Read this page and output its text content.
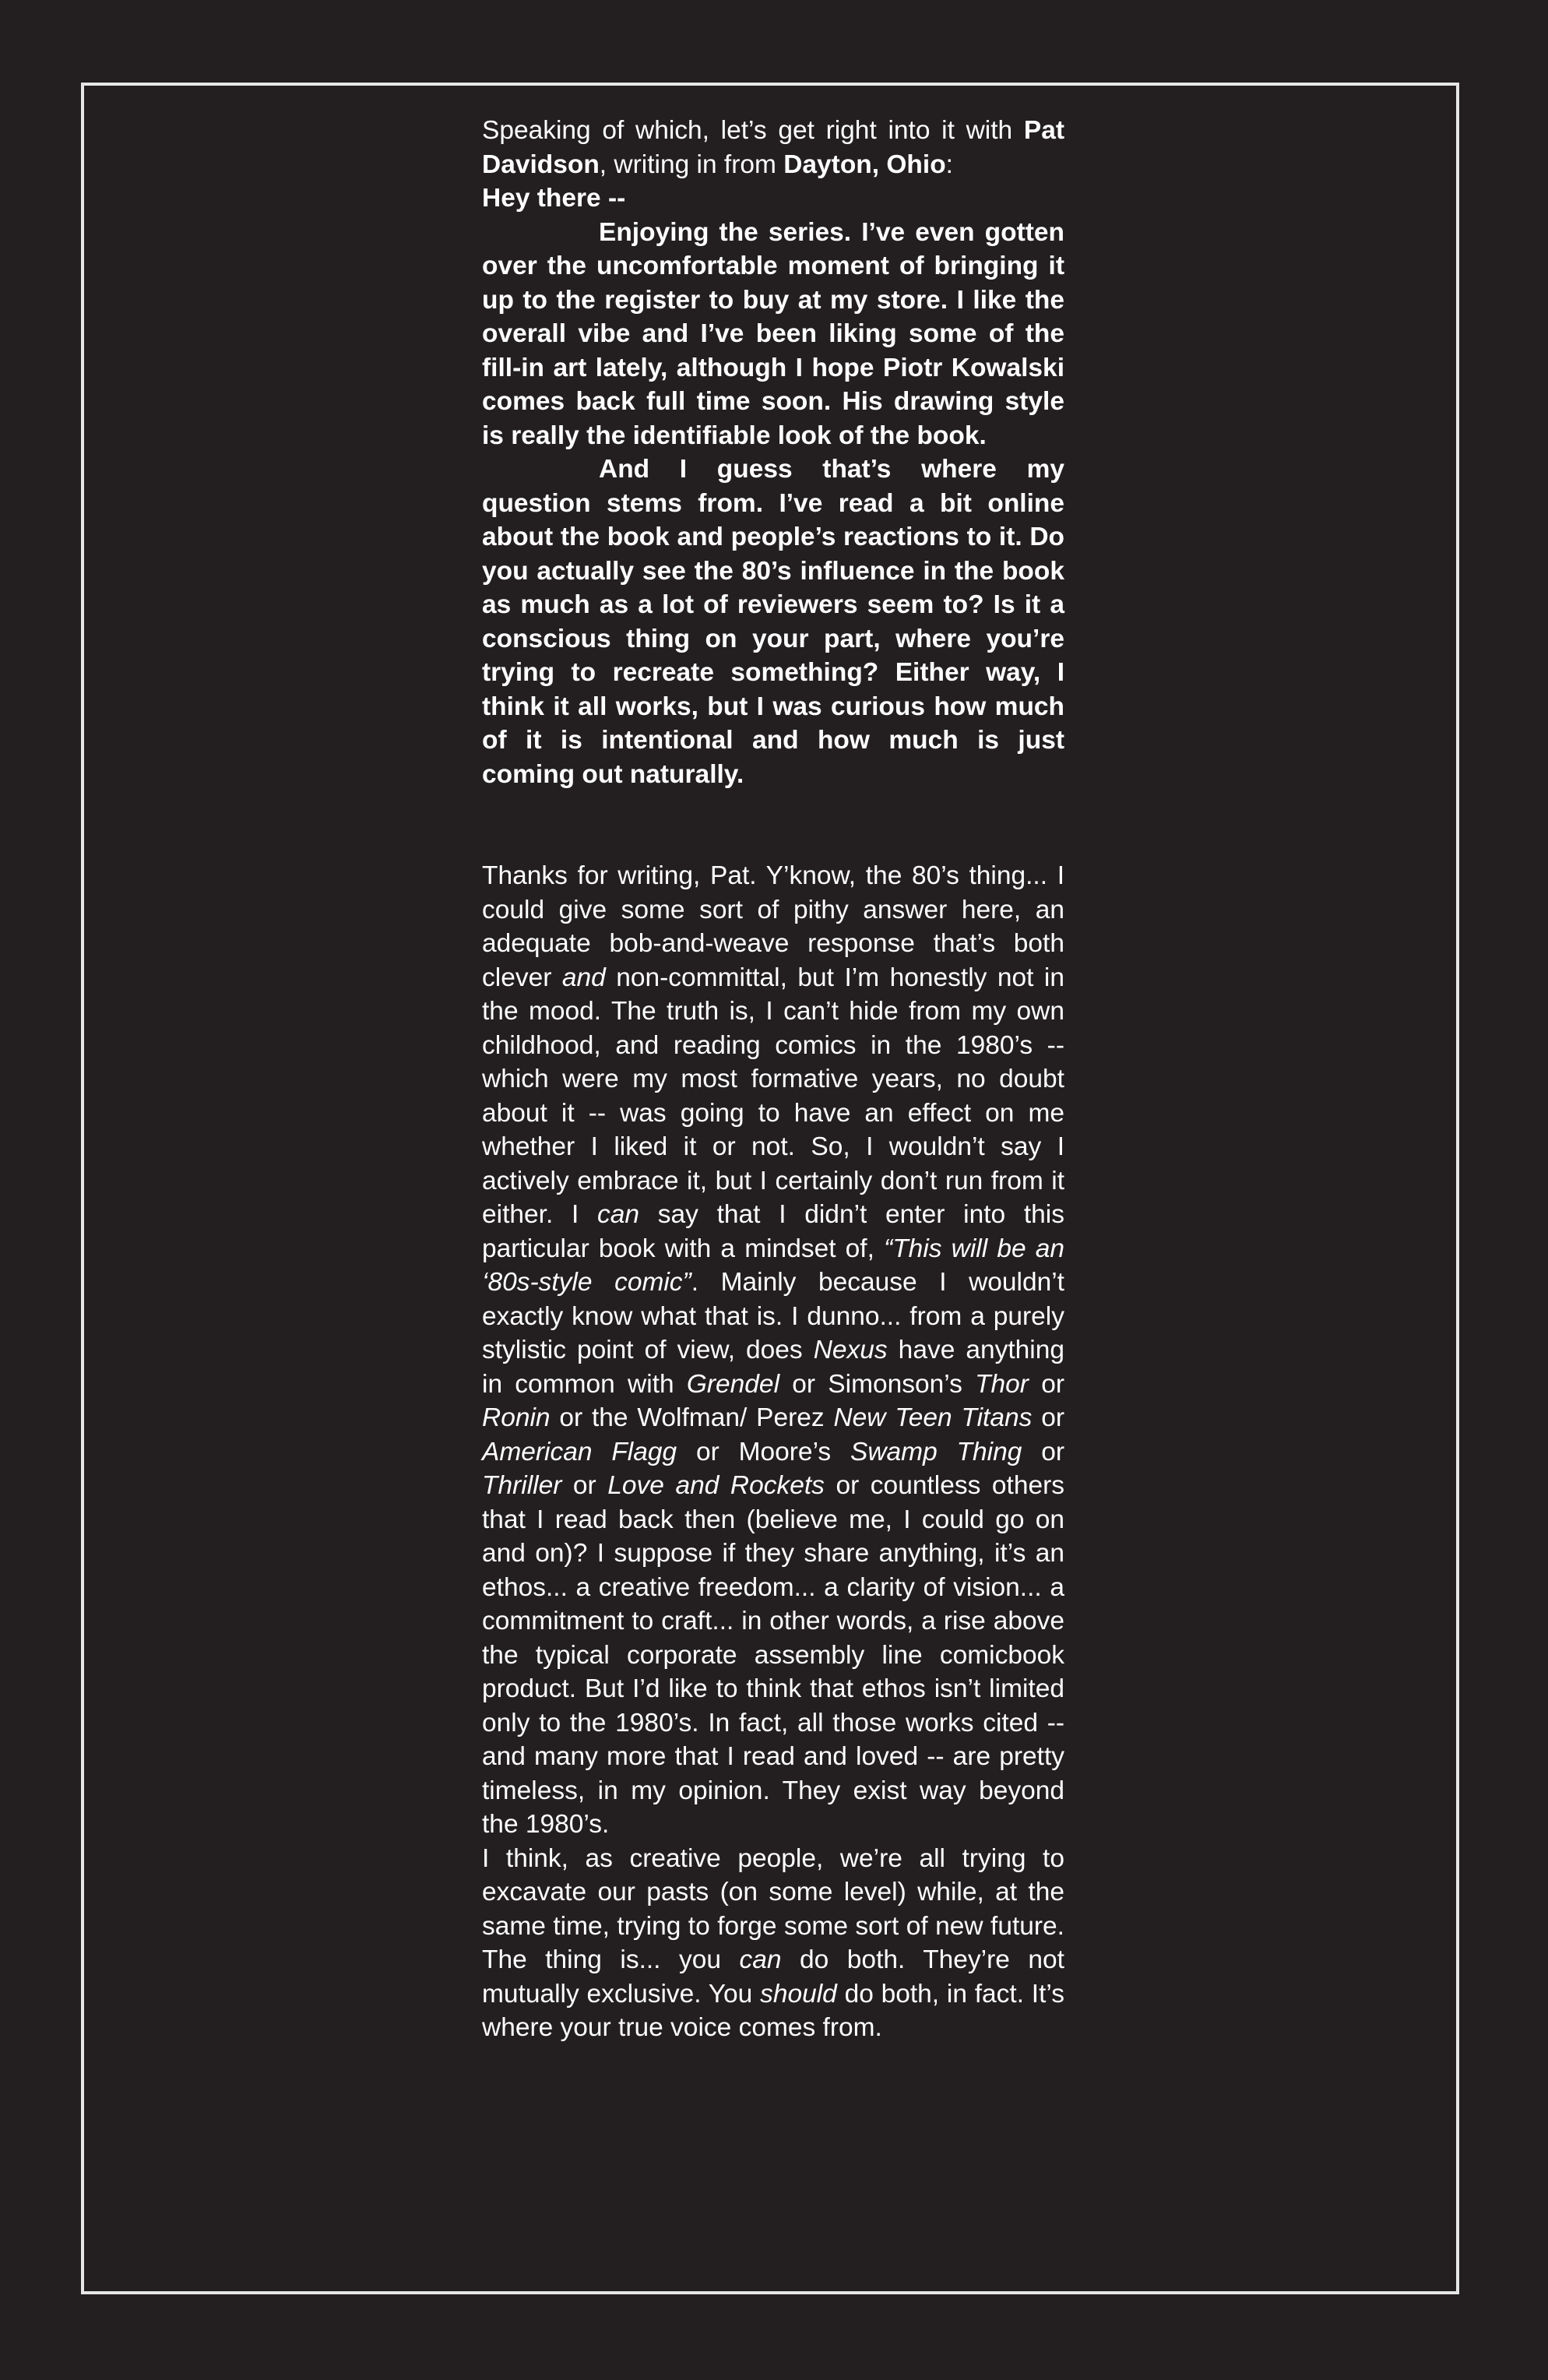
Speaking of which, let’s get right into it with Pat Davidson, writing in from Dayton, Ohio:

Hey there --

Enjoying the series. I’ve even gotten over the uncomfortable moment of bringing it up to the register to buy at my store. I like the overall vibe and I’ve been liking some of the fill-in art lately, although I hope Piotr Kowalski comes back full time soon. His drawing style is really the identifiable look of the book.

And I guess that’s where my question stems from. I’ve read a bit online about the book and people’s reactions to it. Do you actually see the 80’s influence in the book as much as a lot of reviewers seem to? Is it a conscious thing on your part, where you’re trying to recreate something? Either way, I think it all works, but I was curious how much of it is intentional and how much is just coming out naturally.

Thanks for writing, Pat. Y’know, the 80’s thing... I could give some sort of pithy answer here, an adequate bob-and-weave response that’s both clever and non-committal, but I’m honestly not in the mood. The truth is, I can’t hide from my own childhood, and reading comics in the 1980’s -- which were my most formative years, no doubt about it -- was going to have an effect on me whether I liked it or not. So, I wouldn’t say I actively embrace it, but I certainly don’t run from it either. I can say that I didn’t enter into this particular book with a mindset of, “This will be an ‘80s-style comic”. Mainly because I wouldn’t exactly know what that is. I dunno... from a purely stylistic point of view, does Nexus have anything in common with Grendel or Simonson’s Thor or Ronin or the Wolfman/ Perez New Teen Titans or American Flagg or Moore’s Swamp Thing or Thriller or Love and Rockets or countless others that I read back then (believe me, I could go on and on)? I suppose if they share anything, it’s an ethos... a creative freedom... a clarity of vision... a commitment to craft... in other words, a rise above the typical corporate assembly line comicbook product. But I’d like to think that ethos isn’t limited only to the 1980’s. In fact, all those works cited -- and many more that I read and loved -- are pretty timeless, in my opinion. They exist way beyond the 1980’s.

I think, as creative people, we’re all trying to excavate our pasts (on some level) while, at the same time, trying to forge some sort of new future. The thing is... you can do both. They’re not mutually exclusive. You should do both, in fact. It’s where your true voice comes from.
